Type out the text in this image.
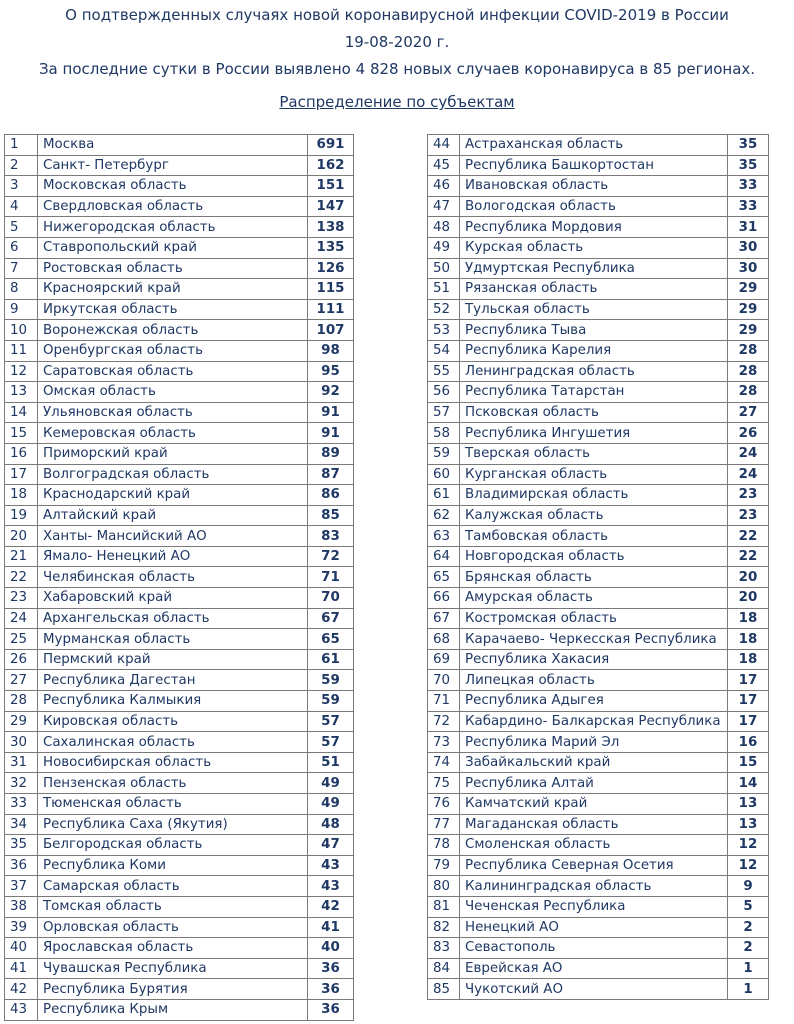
О подтвержденных случаях новой коронавирусной инфекции COVID-2019 в России
19-08-2020 г.
За последние сутки в России выявлено 4 828 новых случаев коронавируса в 85 регионах.
Распределение по субъектам
1	Москва	691
2	Санкт- Петербург	162
3	Московская область	151
4	Свердловская область	147
5	Нижегородская область	138
6	Ставропольский край	135
7	Ростовская область	126
8	Красноярский край	115
9	Иркутская область	111
10	Воронежская область	107
11	Оренбургская область	98
12	Саратовская область	95
13	Омская область	92
14	Ульяновская область	91
15	Кемеровская область	91
16	Приморский край	89
17	Волгоградская область	87
18	Краснодарский край	86
19	Алтайский край	85
20	Ханты- Мансийский АО	83
21	Ямало- Ненецкий АО	72
22	Челябинская область	71
23	Хабаровский край	70
24	Архангельская область	67
25	Мурманская область	65
26	Пермский край	61
27	Республика Дагестан	59
28	Республика Калмыкия	59
29	Кировская область	57
30	Сахалинская область	57
31	Новосибирская область	51
32	Пензенская область	49
33	Тюменская область	49
34	Республика Саха (Якутия)	48
35	Белгородская область	47
36	Республика Коми	43
37	Самарская область	43
38	Томская область	42
39	Орловская область	41
40	Ярославская область	40
41	Чувашская Республика	36
42	Республика Бурятия	36
43	Республика Крым	36
44	Астраханская область	35
45	Республика Башкортостан	35
46	Ивановская область	33
47	Вологодская область	33
48	Республика Мордовия	31
49	Курская область	30
50	Удмуртская Республика	30
51	Рязанская область	29
52	Тульская область	29
53	Республика Тыва	29
54	Республика Карелия	28
55	Ленинградская область	28
56	Республика Татарстан	28
57	Псковская область	27
58	Республика Ингушетия	26
59	Тверская область	24
60	Курганская область	24
61	Владимирская область	23
62	Калужская область	23
63	Тамбовская область	22
64	Новгородская область	22
65	Брянская область	20
66	Амурская область	20
67	Костромская область	18
68	Карачаево- Черкесская Республика	18
69	Республика Хакасия	18
70	Липецкая область	17
71	Республика Адыгея	17
72	Кабардино- Балкарская Республика	17
73	Республика Марий Эл	16
74	Забайкальский край	15
75	Республика Алтай	14
76	Камчатский край	13
77	Магаданская область	13
78	Смоленская область	12
79	Республика Северная Осетия	12
80	Калининградская область	9
81	Чеченская Республика	5
82	Ненецкий АО	2
83	Севастополь	2
84	Еврейская АО	1
85	Чукотский АО	1
